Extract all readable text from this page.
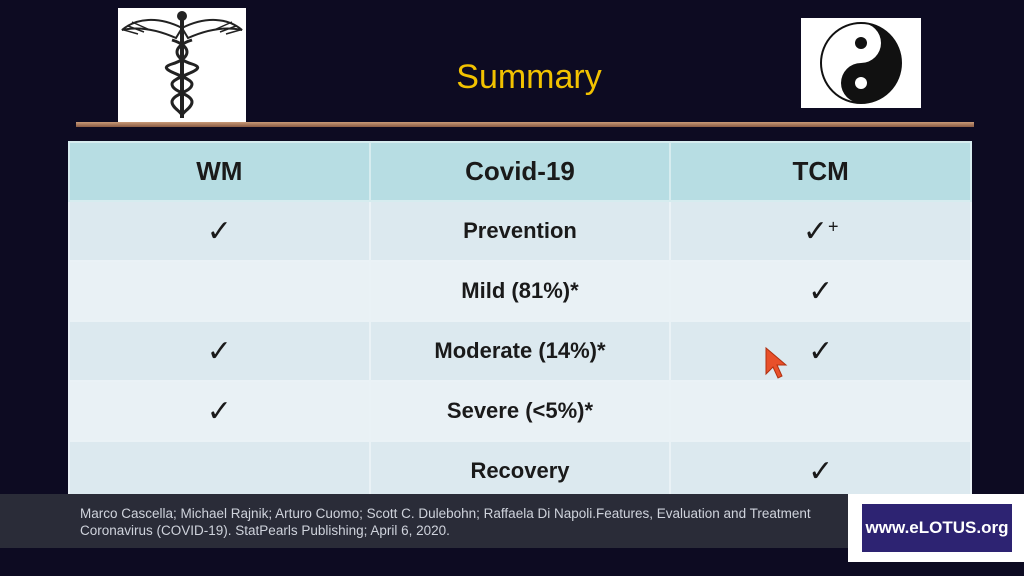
Summary
WM	Covid-19	TCM
✓	Prevention	✓+
	Mild (81%)*	✓
✓	Moderate (14%)*	✓
✓	Severe (<5%)*	
	Recovery	✓
Marco Cascella; Michael Rajnik; Arturo Cuomo; Scott C. Dulebohn; Raffaela Di Napoli.Features, Evaluation and Treatment Coronavirus (COVID-19). StatPearls Publishing; April 6, 2020.	www.eLOTUS.org
